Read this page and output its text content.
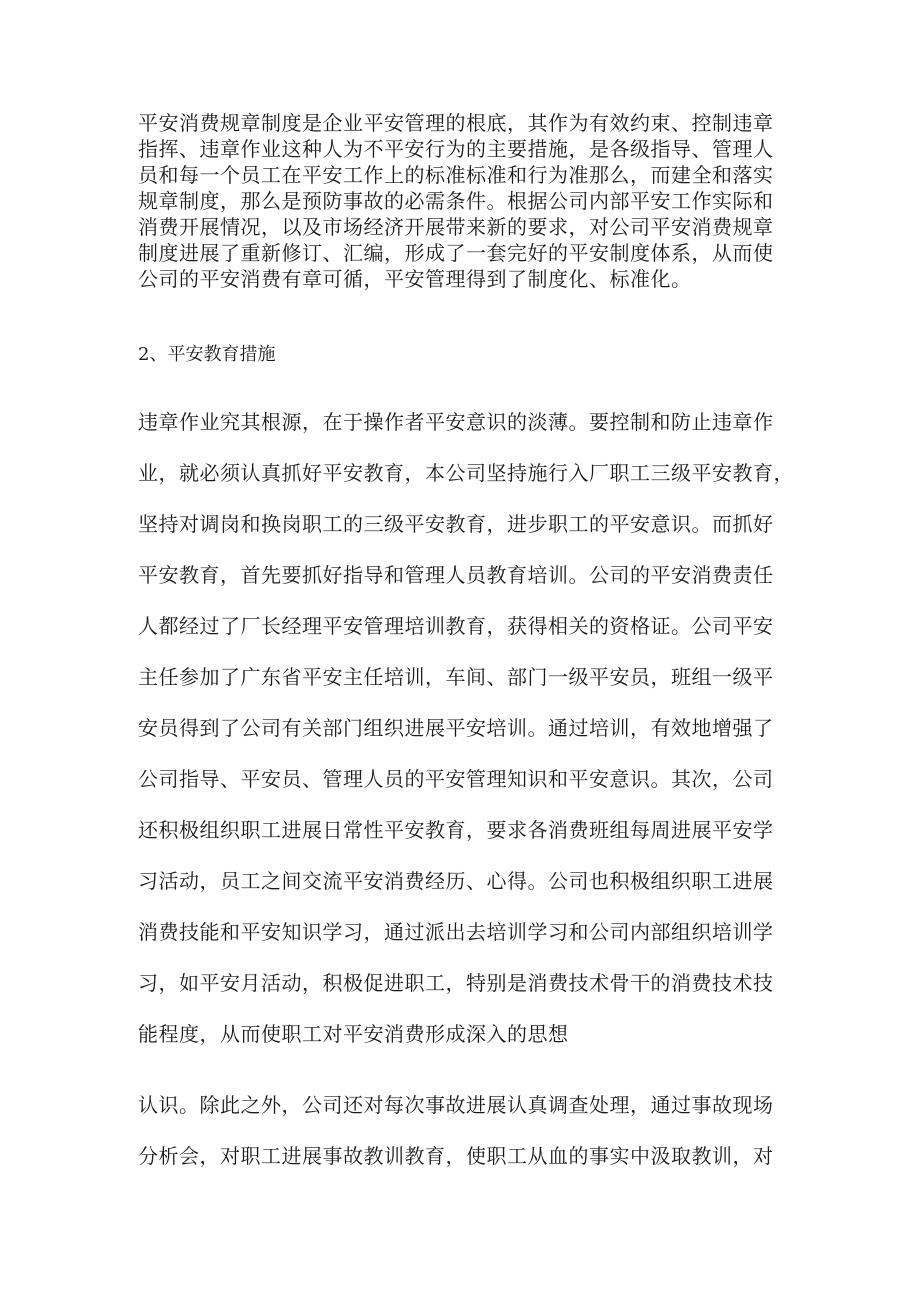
平安消费规章制度是企业平安管理的根底，其作为有效约束、控制违章
指挥、违章作业这种人为不平安行为的主要措施，是各级指导、管理人
员和每一个员工在平安工作上的标准标准和行为准那么，而建全和落实
规章制度，那么是预防事故的必需条件。根据公司内部平安工作实际和
消费开展情况，以及市场经济开展带来新的要求，对公司平安消费规章
制度进展了重新修订、汇编，形成了一套完好的平安制度体系，从而使
公司的平安消费有章可循，平安管理得到了制度化、标准化。
2、平安教育措施
违章作业究其根源，在于操作者平安意识的淡薄。要控制和防止违章作
业，就必须认真抓好平安教育，本公司坚持施行入厂职工三级平安教育，
坚持对调岗和换岗职工的三级平安教育，进步职工的平安意识。而抓好
平安教育，首先要抓好指导和管理人员教育培训。公司的平安消费责任
人都经过了厂长经理平安管理培训教育，获得相关的资格证。公司平安
主任参加了广东省平安主任培训，车间、部门一级平安员，班组一级平
安员得到了公司有关部门组织进展平安培训。通过培训，有效地增强了
公司指导、平安员、管理人员的平安管理知识和平安意识。其次，公司
还积极组织职工进展日常性平安教育，要求各消费班组每周进展平安学
习活动，员工之间交流平安消费经历、心得。公司也积极组织职工进展
消费技能和平安知识学习，通过派出去培训学习和公司内部组织培训学
习，如平安月活动，积极促进职工，特别是消费技术骨干的消费技术技
能程度，从而使职工对平安消费形成深入的思想
认识。除此之外，公司还对每次事故进展认真调查处理，通过事故现场
分析会，对职工进展事故教训教育，使职工从血的事实中汲取教训，对
